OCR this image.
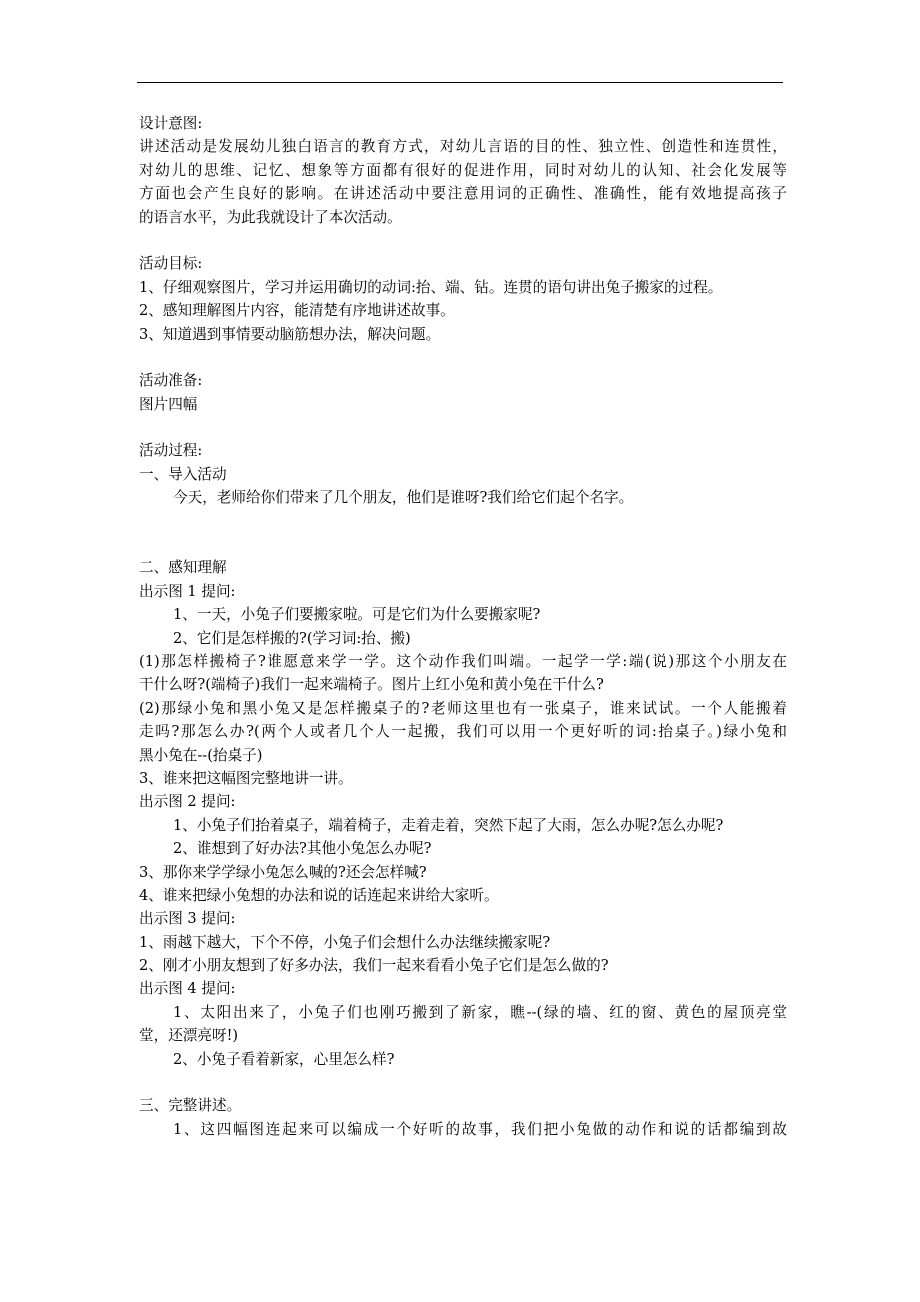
设计意图:
讲述活动是发展幼儿独白语言的教育方式，对幼儿言语的目的性、独立性、创造性和连贯性，
对幼儿的思维、记忆、想象等方面都有很好的促进作用，同时对幼儿的认知、社会化发展等
方面也会产生良好的影响。在讲述活动中要注意用词的正确性、准确性，能有效地提高孩子
的语言水平，为此我就设计了本次活动。
活动目标:
1、仔细观察图片，学习并运用确切的动词:抬、端、钻。连贯的语句讲出兔子搬家的过程。
2、感知理解图片内容，能清楚有序地讲述故事。
3、知道遇到事情要动脑筋想办法，解决问题。
活动准备:
图片四幅
活动过程:
一、导入活动
今天，老师给你们带来了几个朋友，他们是谁呀?我们给它们起个名字。
二、感知理解
出示图 1 提问:
1、一天，小兔子们要搬家啦。可是它们为什么要搬家呢?
2、它们是怎样搬的?(学习词:抬、搬)
(1)那怎样搬椅子?谁愿意来学一学。这个动作我们叫端。一起学一学:端(说)那这个小朋友在
干什么呀?(端椅子)我们一起来端椅子。图片上红小兔和黄小兔在干什么?
(2)那绿小兔和黑小兔又是怎样搬桌子的?老师这里也有一张桌子，谁来试试。一个人能搬着
走吗?那怎么办?(两个人或者几个人一起搬，我们可以用一个更好听的词:抬桌子。)绿小兔和
黑小兔在--(抬桌子)
3、谁来把这幅图完整地讲一讲。
出示图 2 提问:
1、小兔子们抬着桌子，端着椅子，走着走着，突然下起了大雨，怎么办呢?怎么办呢?
2、谁想到了好办法?其他小兔怎么办呢?
3、那你来学学绿小兔怎么喊的?还会怎样喊?
4、谁来把绿小兔想的办法和说的话连起来讲给大家听。
出示图 3 提问:
1、雨越下越大，下个不停，小兔子们会想什么办法继续搬家呢?
2、刚才小朋友想到了好多办法，我们一起来看看小兔子它们是怎么做的?
出示图 4 提问:
1、太阳出来了，小兔子们也刚巧搬到了新家，瞧--(绿的墙、红的窗、黄色的屋顶亮堂
堂，还漂亮呀!)
2、小兔子看着新家，心里怎么样?
三、完整讲述。
1、这四幅图连起来可以编成一个好听的故事，我们把小兔做的动作和说的话都编到故
